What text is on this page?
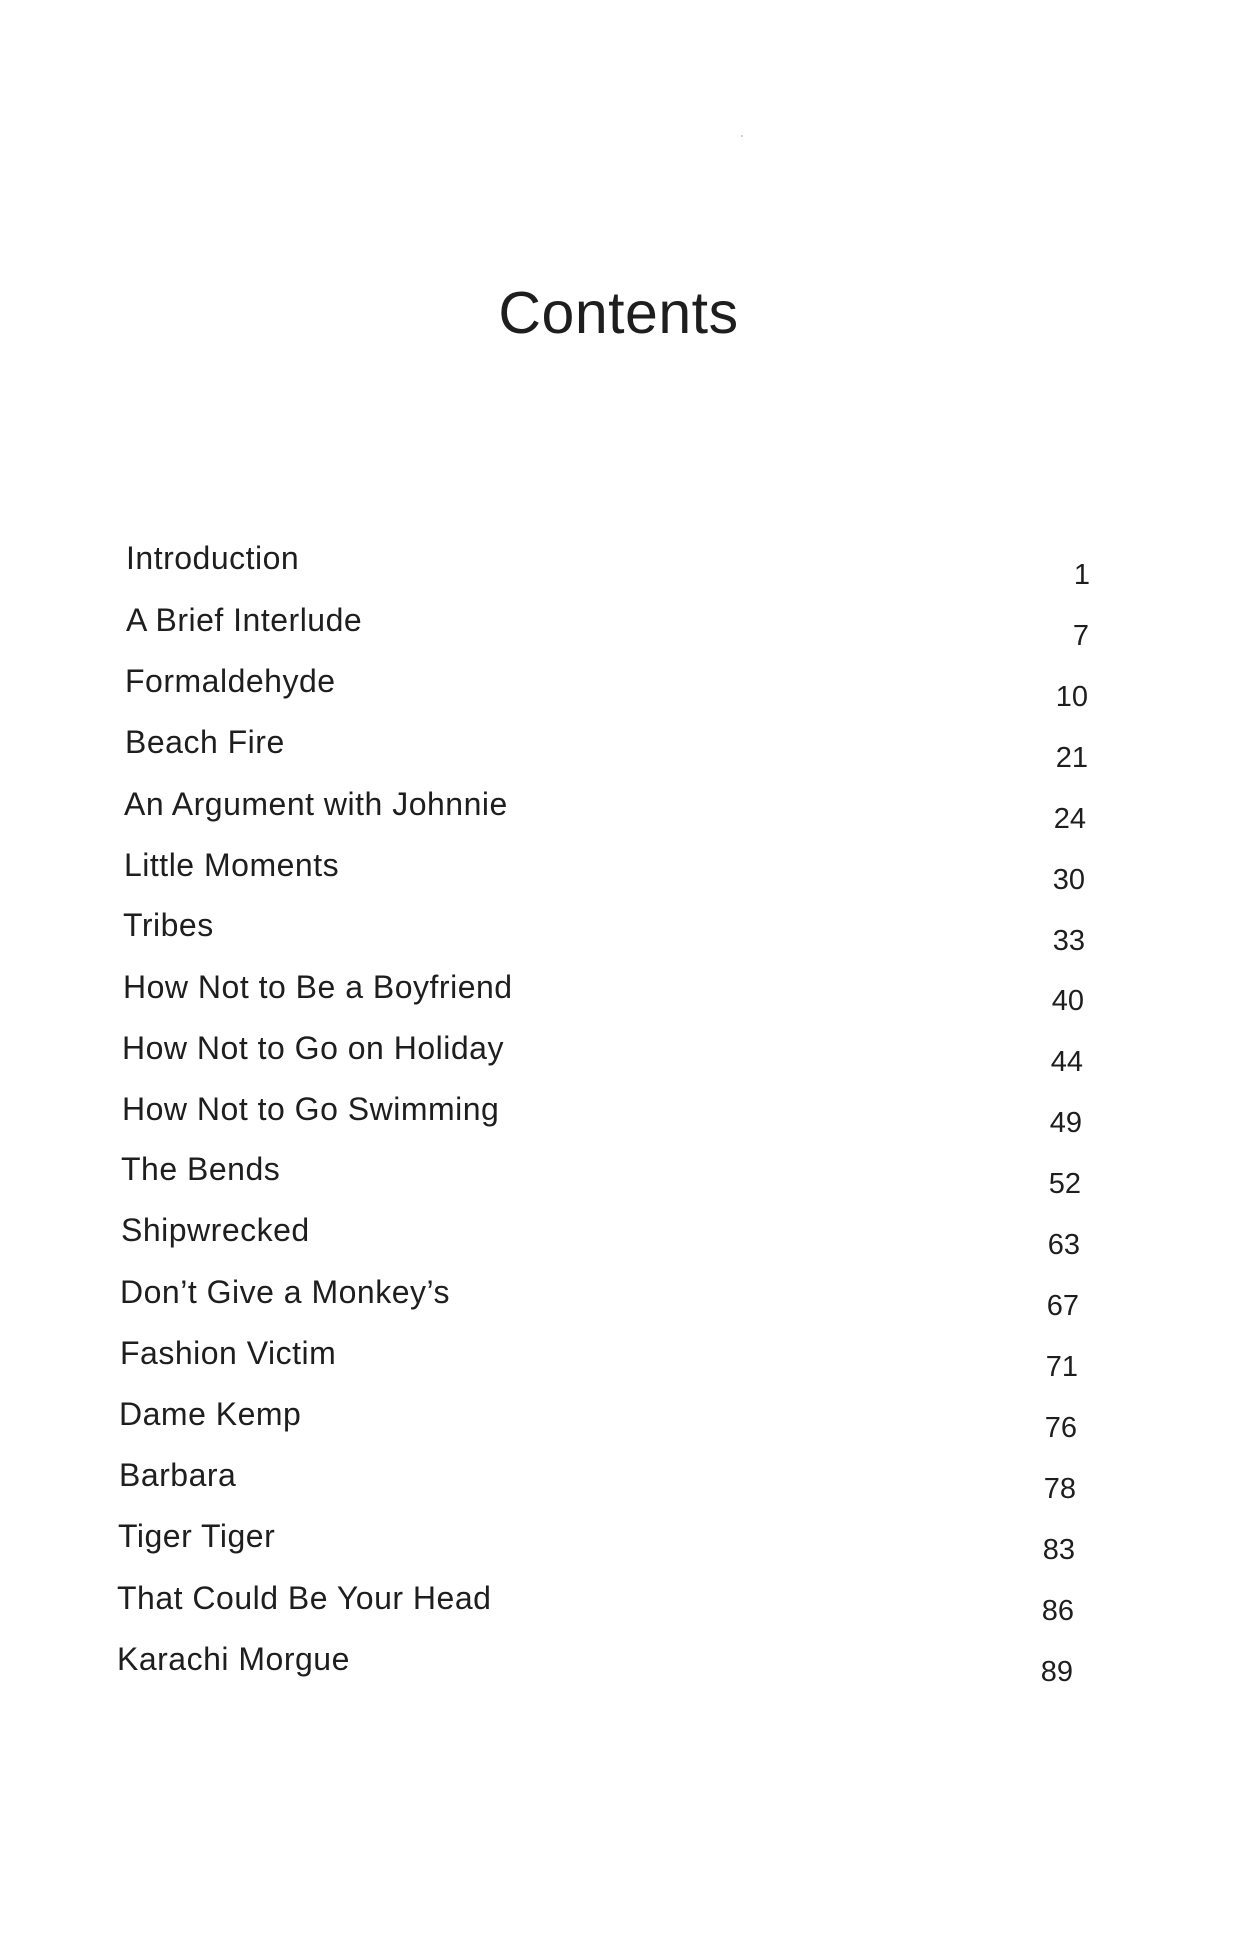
Contents
Introduction	1
A Brief Interlude	7
Formaldehyde	10
Beach Fire	21
An Argument with Johnnie	24
Little Moments	30
Tribes	33
How Not to Be a Boyfriend	40
How Not to Go on Holiday	44
How Not to Go Swimming	49
The Bends	52
Shipwrecked	63
Don’t Give a Monkey’s	67
Fashion Victim	71
Dame Kemp	76
Barbara	78
Tiger Tiger	83
That Could Be Your Head	86
Karachi Morgue	89
